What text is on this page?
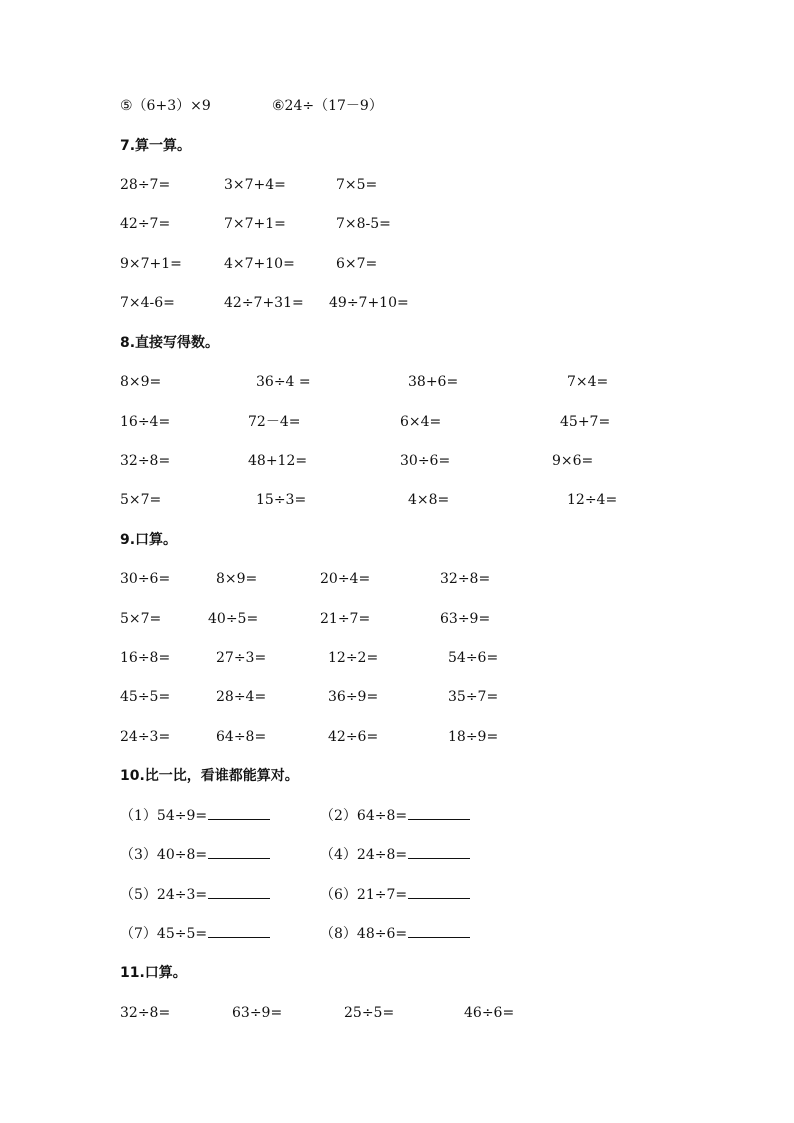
⑤（6+3）×9	⑥24÷（17－9）
7.算一算。
28÷7=	3×7+4=	7×5=
42÷7=	7×7+1=	7×8-5=
9×7+1=	4×7+10=	6×7=
7×4-6=	42÷7+31= 49÷7+10=
8.直接写得数。
8×9=	36÷4 =	38+6=	7×4=
16÷4=	72－4=	6×4=	45+7=
32÷8=	48+12=	30÷6=	9×6=
5×7=	15÷3=	4×8=	12÷4=
9.口算。
30÷6=	8×9=	20÷4=	32÷8=
5×7=	40÷5=	21÷7=	63÷9=
16÷8=	27÷3=	12÷2=	54÷6=
45÷5=	28÷4=	36÷9=	35÷7=
24÷3=	64÷8=	42÷6=	18÷9=
10.比一比，看谁都能算对。
（1）54÷9=	（2）64÷8=
（3）40÷8=	（4）24÷8=
（5）24÷3=	（6）21÷7=
（7）45÷5=	（8）48÷6=
11.口算。
32÷8=	63÷9=	25÷5=	46÷6=
